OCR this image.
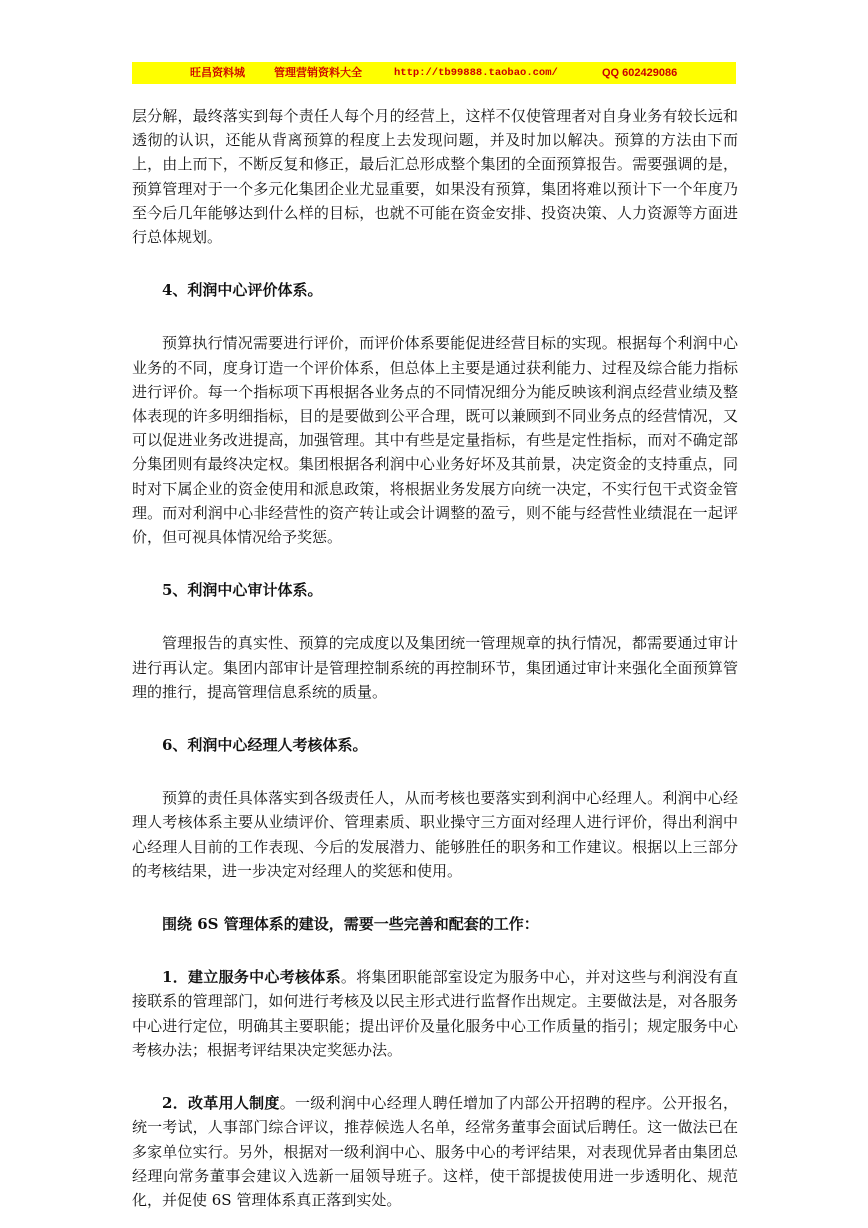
旺昌资料城	管理营销资料大全	http://tb99888.taobao.com/	QQ 602429086

层分解，最终落实到每个责任人每个月的经营上，这样不仅使管理者对自身业务有较长远和透彻的认识，还能从背离预算的程度上去发现问题，并及时加以解决。预算的方法由下而上，由上而下，不断反复和修正，最后汇总形成整个集团的全面预算报告。需要强调的是，预算管理对于一个多元化集团企业尤显重要，如果没有预算，集团将难以预计下一个年度乃至今后几年能够达到什么样的目标，也就不可能在资金安排、投资决策、人力资源等方面进行总体规划。

4、利润中心评价体系。

预算执行情况需要进行评价，而评价体系要能促进经营目标的实现。根据每个利润中心业务的不同，度身订造一个评价体系，但总体上主要是通过获利能力、过程及综合能力指标进行评价。每一个指标项下再根据各业务点的不同情况细分为能反映该利润点经营业绩及整体表现的许多明细指标，目的是要做到公平合理，既可以兼顾到不同业务点的经营情况，又可以促进业务改进提高，加强管理。其中有些是定量指标，有些是定性指标，而对不确定部分集团则有最终决定权。集团根据各利润中心业务好坏及其前景，决定资金的支持重点，同时对下属企业的资金使用和派息政策，将根据业务发展方向统一决定，不实行包干式资金管理。而对利润中心非经营性的资产转让或会计调整的盈亏，则不能与经营性业绩混在一起评价，但可视具体情况给予奖惩。

5、利润中心审计体系。

管理报告的真实性、预算的完成度以及集团统一管理规章的执行情况，都需要通过审计进行再认定。集团内部审计是管理控制系统的再控制环节，集团通过审计来强化全面预算管理的推行，提高管理信息系统的质量。

6、利润中心经理人考核体系。

预算的责任具体落实到各级责任人，从而考核也要落实到利润中心经理人。利润中心经理人考核体系主要从业绩评价、管理素质、职业操守三方面对经理人进行评价，得出利润中心经理人目前的工作表现、今后的发展潜力、能够胜任的职务和工作建议。根据以上三部分的考核结果，进一步决定对经理人的奖惩和使用。

围绕 6S 管理体系的建设，需要一些完善和配套的工作：

1．建立服务中心考核体系。将集团职能部室设定为服务中心，并对这些与利润没有直接联系的管理部门，如何进行考核及以民主形式进行监督作出规定。主要做法是，对各服务中心进行定位，明确其主要职能；提出评价及量化服务中心工作质量的指引；规定服务中心考核办法；根据考评结果决定奖惩办法。

2．改革用人制度。一级利润中心经理人聘任增加了内部公开招聘的程序。公开报名，统一考试，人事部门综合评议，推荐候选人名单，经常务董事会面试后聘任。这一做法已在多家单位实行。另外，根据对一级利润中心、服务中心的考评结果，对表现优异者由集团总经理向常务董事会建议入选新一届领导班子。这样，使干部提拔使用进一步透明化、规范化，并促使 6S 管理体系真正落到实处。
